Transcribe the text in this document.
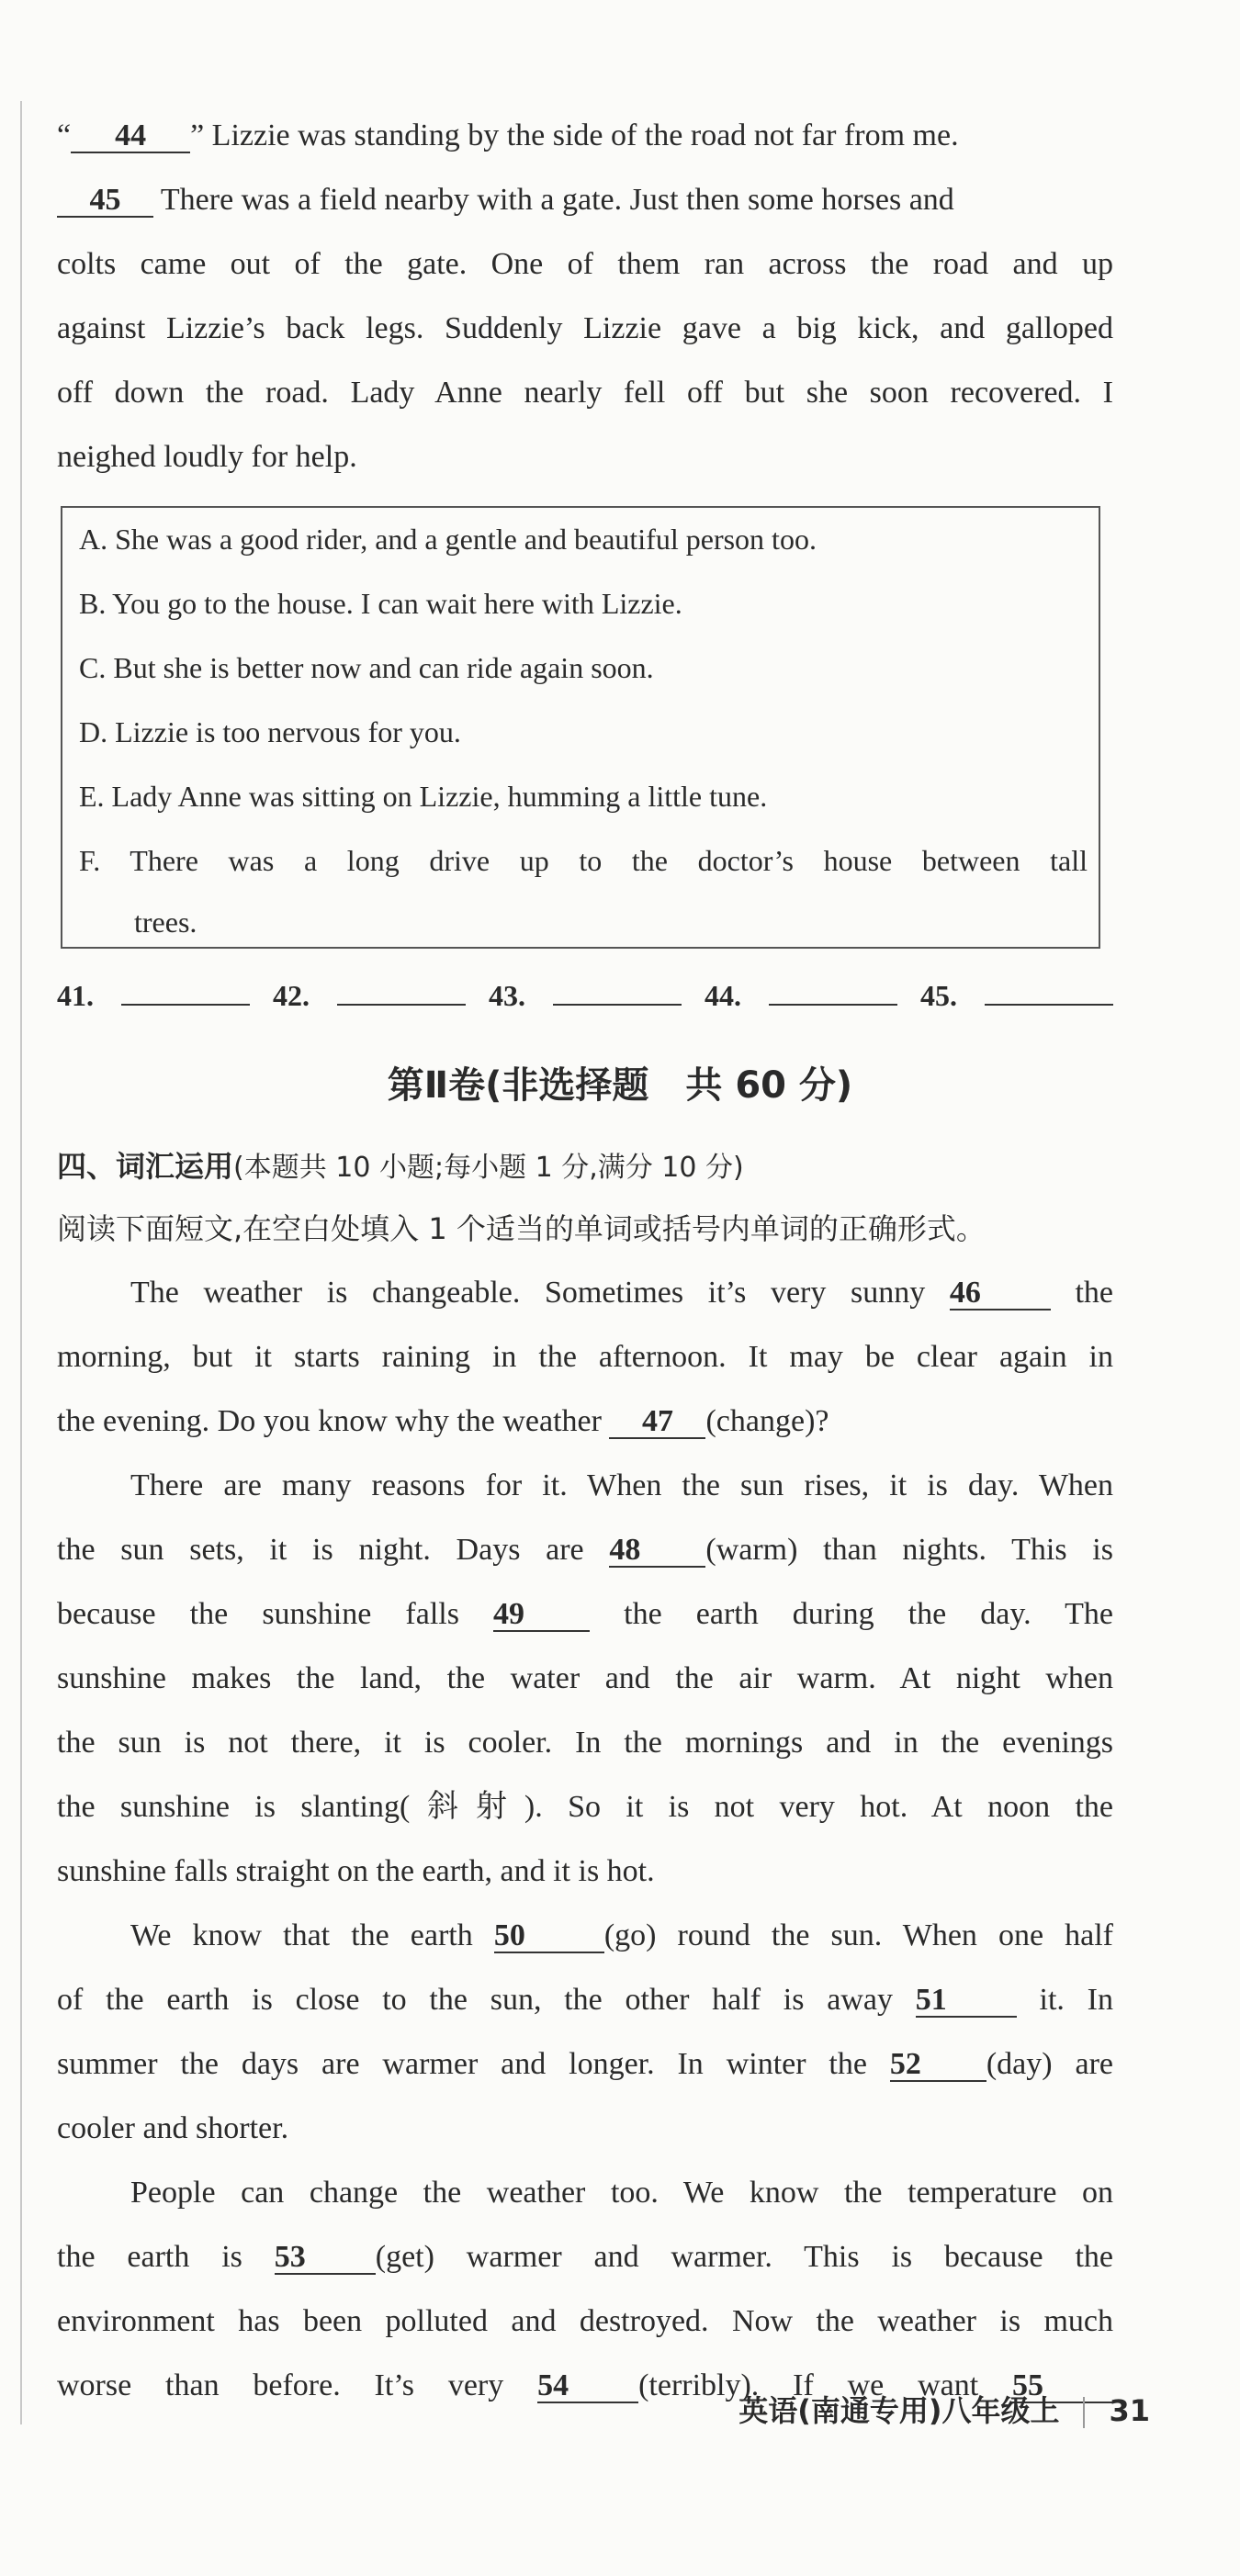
“ 44 ” Lizzie was standing by the side of the road not far from me.
45 There was a field nearby with a gate. Just then some horses and
colts came out of the gate. One of them ran across the road and up
against Lizzie’s back legs. Suddenly Lizzie gave a big kick, and galloped
off down the road. Lady Anne nearly fell off but she soon recovered. I
neighed loudly for help.
A. She was a good rider, and a gentle and beautiful person too.
B. You go to the house. I can wait here with Lizzie.
C. But she is better now and can ride again soon.
D. Lizzie is too nervous for you.
E. Lady Anne was sitting on Lizzie, humming a little tune.
F. There was a long drive up to the doctor’s house between tall
trees.
41.	42.	43.	44.	45.
第Ⅱ卷(非选择题　共 60 分)
四、词汇运用(本题共 10 小题;每小题 1 分,满分 10 分)
阅读下面短文,在空白处填入 1 个适当的单词或括号内单词的正确形式。
The weather is changeable. Sometimes it’s very sunny 46 the
morning, but it starts raining in the afternoon. It may be clear again in
the evening. Do you know why the weather 47 (change)?
There are many reasons for it. When the sun rises, it is day. When
the sun sets, it is night. Days are 48 (warm) than nights. This is
because the sunshine falls 49 the earth during the day. The
sunshine makes the land, the water and the air warm. At night when
the sun is not there, it is cooler. In the mornings and in the evenings
the sunshine is slanting(斜射). So it is not very hot. At noon the
sunshine falls straight on the earth, and it is hot.
We know that the earth 50	(go) round the sun. When one half
of the earth is close to the sun, the other half is away 51 it. In
summer the days are warmer and longer. In winter the 52 (day) are
cooler and shorter.
People can change the weather too. We know the temperature on
the earth is 53 (get) warmer and warmer. This is because the
environment has been polluted and destroyed. Now the weather is much
worse than before. It’s very 54 (terribly). If we want 55
英语(南通专用)八年级上 31
